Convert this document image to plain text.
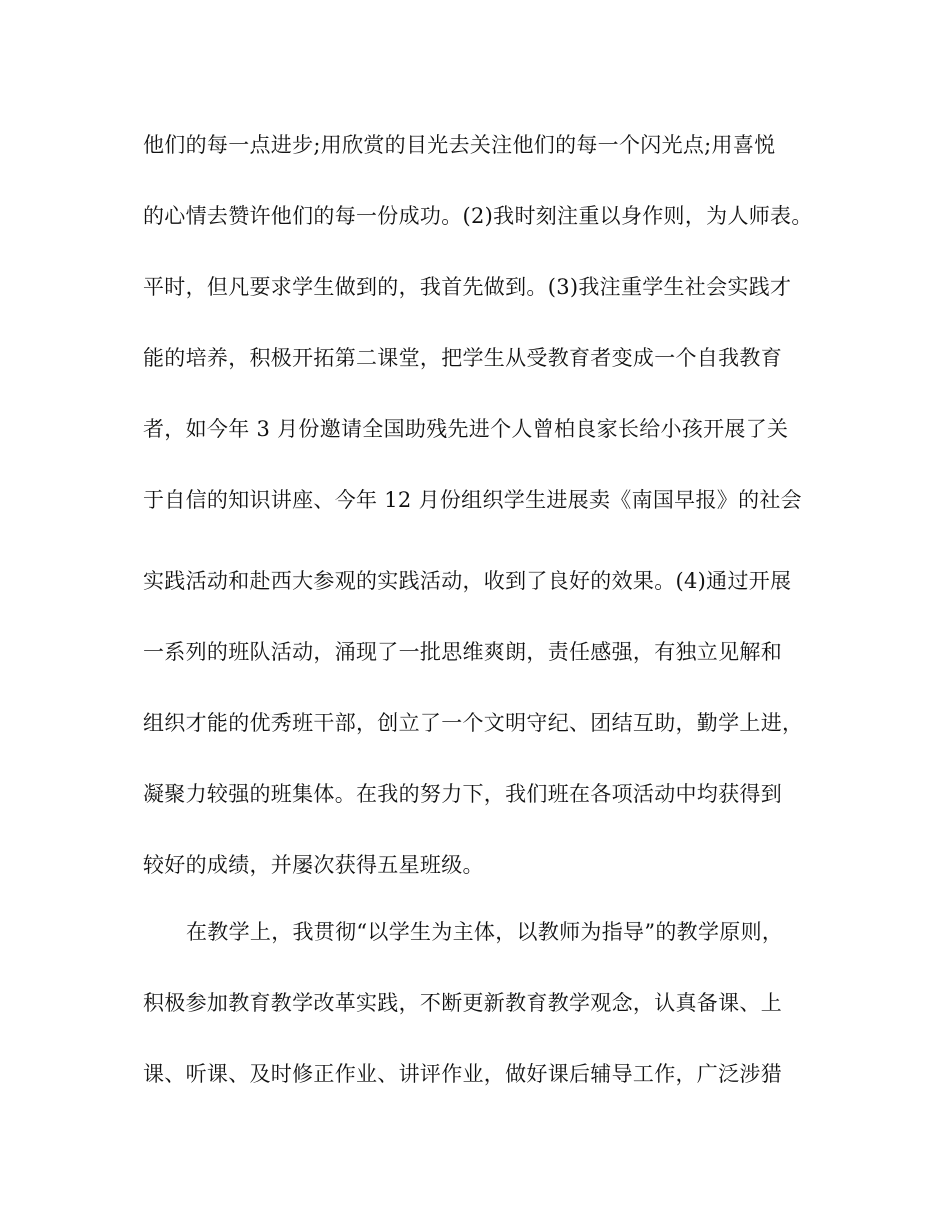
他们的每一点进步;用欣赏的目光去关注他们的每一个闪光点;用喜悦
的心情去赞许他们的每一份成功。(2)我时刻注重以身作则，为人师表。
平时，但凡要求学生做到的，我首先做到。(3)我注重学生社会实践才
能的培养，积极开拓第二课堂，把学生从受教育者变成一个自我教育
者，如今年 3 月份邀请全国助残先进个人曾柏良家长给小孩开展了关
于自信的知识讲座、今年 12 月份组织学生进展卖《南国早报》的社会
实践活动和赴西大参观的实践活动，收到了良好的效果。(4)通过开展
一系列的班队活动，涌现了一批思维爽朗，责任感强，有独立见解和
组织才能的优秀班干部，创立了一个文明守纪、团结互助，勤学上进，
凝聚力较强的班集体。在我的努力下，我们班在各项活动中均获得到
较好的成绩，并屡次获得五星班级。
在教学上，我贯彻“以学生为主体，以教师为指导”的教学原则，
积极参加教育教学改革实践，不断更新教育教学观念，认真备课、上
课、听课、及时修正作业、讲评作业，做好课后辅导工作，广泛涉猎
